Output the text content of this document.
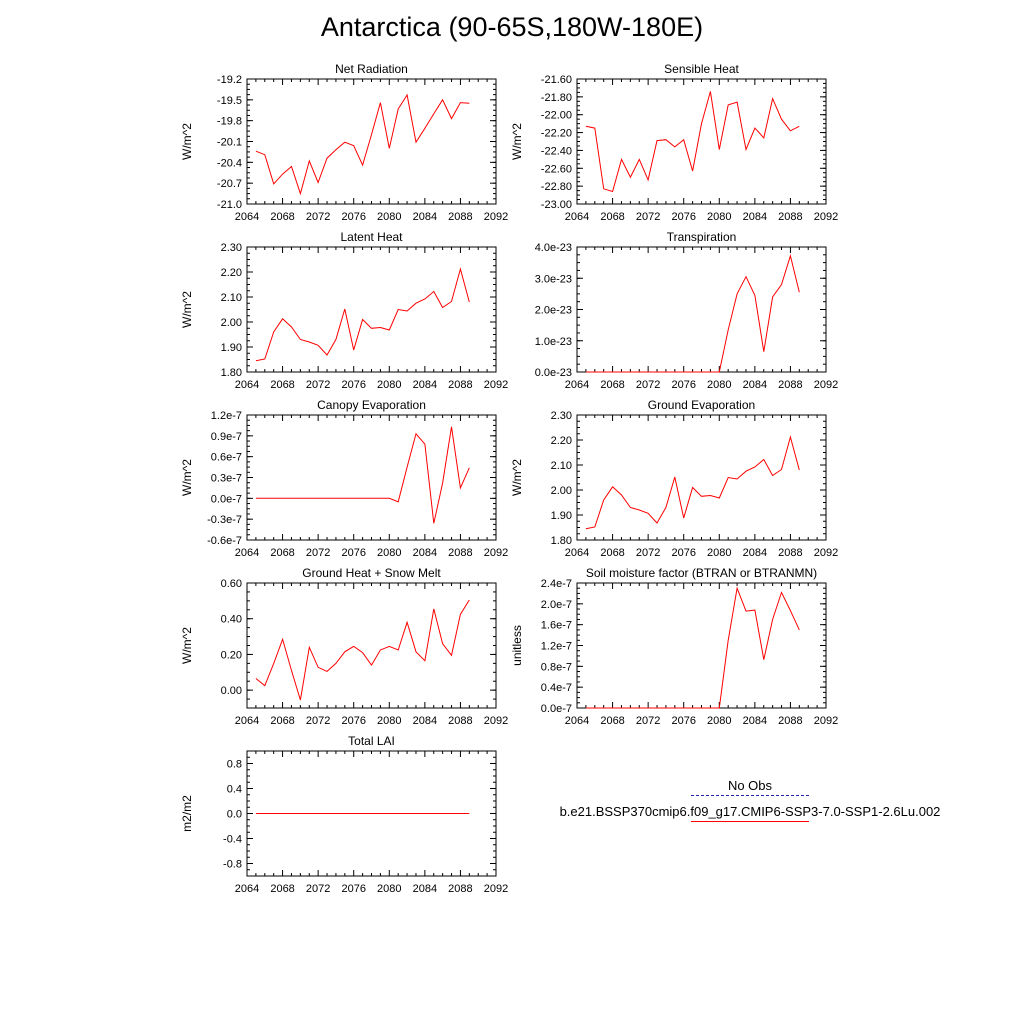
Antarctica (90-65S,180W-180E)
Net Radiation
2064 2068 2072 2076 2080 2084 2088 2092
-19.2
-19.5
-19.8
-20.1
-20.4
-20.7
-21.0
W/m^2
Sensible Heat
2064 2068 2072 2076 2080 2084 2088 2092
-21.60
-21.80
-22.00
-22.20
-22.40
-22.60
-22.80
-23.00
W/m^2
Latent Heat
2064 2068 2072 2076 2080 2084 2088 2092
2.30
2.20
2.10
2.00
1.90
1.80
W/m^2
Transpiration
2064 2068 2072 2076 2080 2084 2088 2092
4.0e-23
3.0e-23
2.0e-23
1.0e-23
0.0e-23
Canopy Evaporation
2064 2068 2072 2076 2080 2084 2088 2092
1.2e-7
0.9e-7
0.6e-7
0.3e-7
0.0e-7
-0.3e-7
-0.6e-7
W/m^2
Ground Evaporation
2064 2068 2072 2076 2080 2084 2088 2092
2.30
2.20
2.10
2.00
1.90
1.80
W/m^2
Ground Heat + Snow Melt
2064 2068 2072 2076 2080 2084 2088 2092
0.60
0.40
0.20
0.00
W/m^2
Soil moisture factor (BTRAN or BTRANMN)
2064 2068 2072 2076 2080 2084 2088 2092
2.4e-7
2.0e-7
1.6e-7
1.2e-7
0.8e-7
0.4e-7
0.0e-7
unitless
Total LAI
2064 2068 2072 2076 2080 2084 2088 2092
0.8
0.4
0.0
-0.4
-0.8
m2/m2
No Obs
b.e21.BSSP370cmip6.f09_g17.CMIP6-SSP3-7.0-SSP1-2.6Lu.002
